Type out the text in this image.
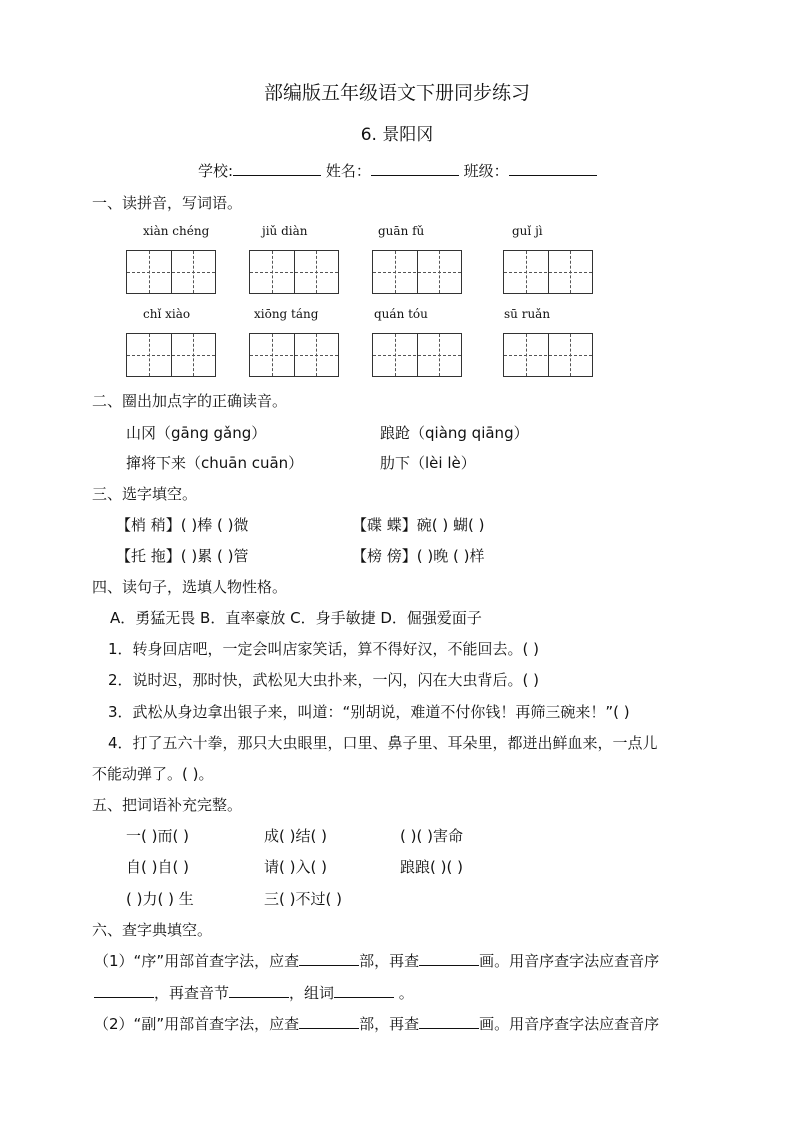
部编版五年级语文下册同步练习
6. 景阳冈
学校:	姓名：	班级：
一、读拼音，写词语。
xiàn chéng	jiǔ diàn	guān fǔ	guǐ jì
chǐ xiào	xiōng táng	quán tóu	sū ruǎn
二、圈出加点字的正确读音。
山冈（gāng gǎng）	踉跄（qiàng qiāng）
撺将下来（chuān cuān）	肋下（lèi lè）
三、选字填空。
【梢 稍】( )棒 ( )微	【碟 蝶】碗( ) 蝴( )
【托 拖】( )累 ( )管	【榜 傍】( )晚 ( )样
四、读句子，选填人物性格。
A．勇猛无畏 B．直率豪放 C．身手敏捷 D．倔强爱面子
1．转身回店吧，一定会叫店家笑话，算不得好汉，不能回去。( )
2．说时迟，那时快，武松见大虫扑来，一闪，闪在大虫背后。( )
3．武松从身边拿出银子来，叫道：“别胡说，难道不付你钱！再筛三碗来！”( )
4．打了五六十拳，那只大虫眼里，口里、鼻子里、耳朵里，都迸出鲜血来，一点儿
不能动弹了。( )。
五、把词语补充完整。
一( )而( )	成( )结( )	( )( )害命
自( )自( )	请( )入( )	踉踉( )( )
( )力( ) 生	三( )不过( )
六、查字典填空。
（1）“序”用部首查字法，应查	部，再查	画。用音序查字法应查音序
，再查音节	，组词	。
（2）“副”用部首查字法，应查	部，再查	画。用音序查字法应查音序
